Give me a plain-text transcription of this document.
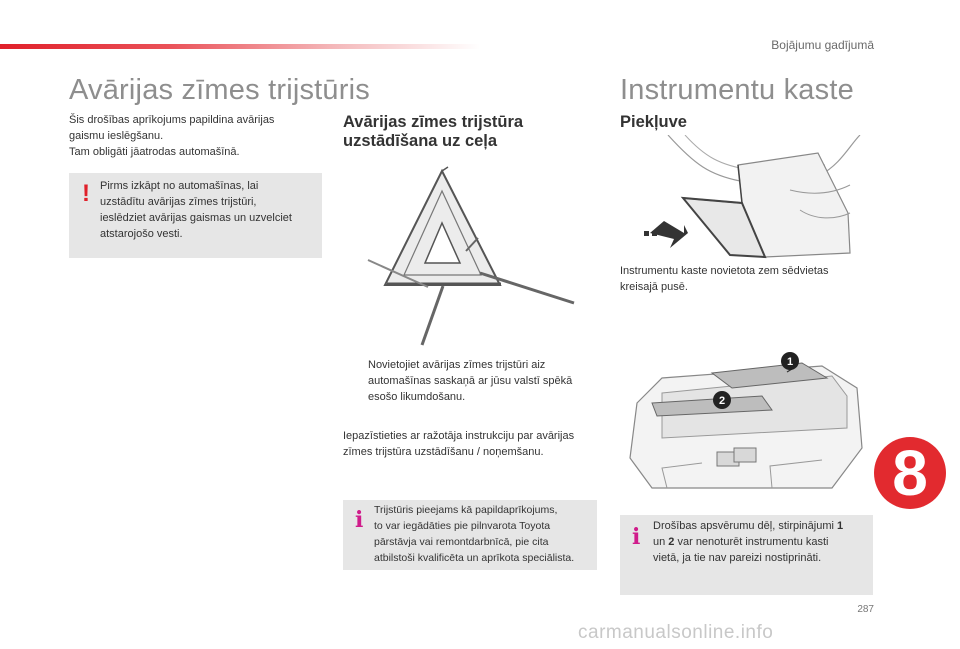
Bojājumu gadījumā
Avārijas zīmes trijstūris
Šis drošības aprīkojums papildina avārijas
gaismu ieslēgšanu.
Tam obligāti jāatrodas automašīnā.
! Pirms izkāpt no automašīnas, lai
uzstādītu avārijas zīmes trijstūri,
ieslēdziet avārijas gaismas un uzvelciet
atstarojošo vesti.
Avārijas zīmes trijstūra
uzstādīšana uz ceļa
Novietojiet avārijas zīmes trijstūri aiz
automašīnas saskaņā ar jūsu valstī spēkā
esošo likumdošanu.
Iepazīstieties ar ražotāja instrukciju par avārijas
zīmes trijstūra uzstādīšanu / noņemšanu.
i Trijstūris pieejams kā papildaprīkojums,
to var iegādāties pie pilnvarota Toyota
pārstāvja vai remontdarbnīcā, pie cita
atbilstoši kvalificēta un aprīkota speciālista.
Instrumentu kaste
Piekļuve
Instrumentu kaste novietota zem sēdvietas
kreisajā pusē.
1
2
i Drošības apsvērumu dēļ, stirpinājumi 1
un 2 var nenoturēt instrumentu kasti
vietā, ja tie nav pareizi nostiprināti.
8
287
carmanualsonline.info
